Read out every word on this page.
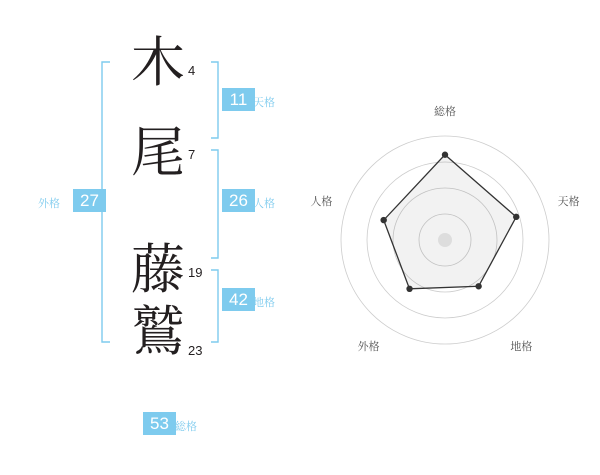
木 4
尾 7
藤 19
鷲 23
11 天格
26 人格
42 地格
27
外格
53 総格
総格
天格
地格
外格
人格
